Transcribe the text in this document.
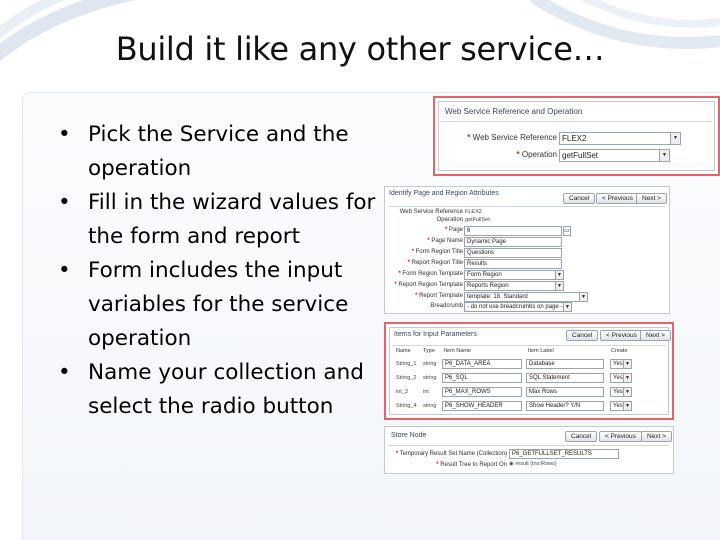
Build it like any other service…
• Pick the Service and the operation
• Fill in the wizard values for the form and report
• Form includes the input variables for the service operation
• Name your collection and select the radio button
Web Service Reference and Operation
* Web Service Reference FLEX2	▼
* Operation getFullSet	▼
Identify Page and Region Attributes
Cancel	< Previous	Next >
Web Service Reference FLEX2
Operation getFullSet
* Page 6	▭
* Page Name Dynamic Page
* Form Region Title Questions
* Report Region Title Results
* Form Region Template Form Region	▼
* Report Region Template Reports Region	▼
* Report Template template: 18. Standard	▼
Breadcrumb - do not use breadcrumbs on page - ▼
Items for Input Parameters	Cancel	< Previous	Next >
Name Type Item Name	Item Label	Create
String_1 string	P6_DATA_AREA	Database	Yes ▼
String_2 string	P6_SQL	SQL Statement	Yes ▼
int_3	int	P6_MAX_ROWS	Max Rows	Yes ▼
String_4 string	P6_SHOW_HEADER	Show Header? Y/N	Yes ▼
Store Node	Cancel	< Previous	Next >
* Temporary Result Set Name (Collection) P6_GETFULLSET_RESULTS
* Result Tree to Report On ◉ result (tns:Rows)
